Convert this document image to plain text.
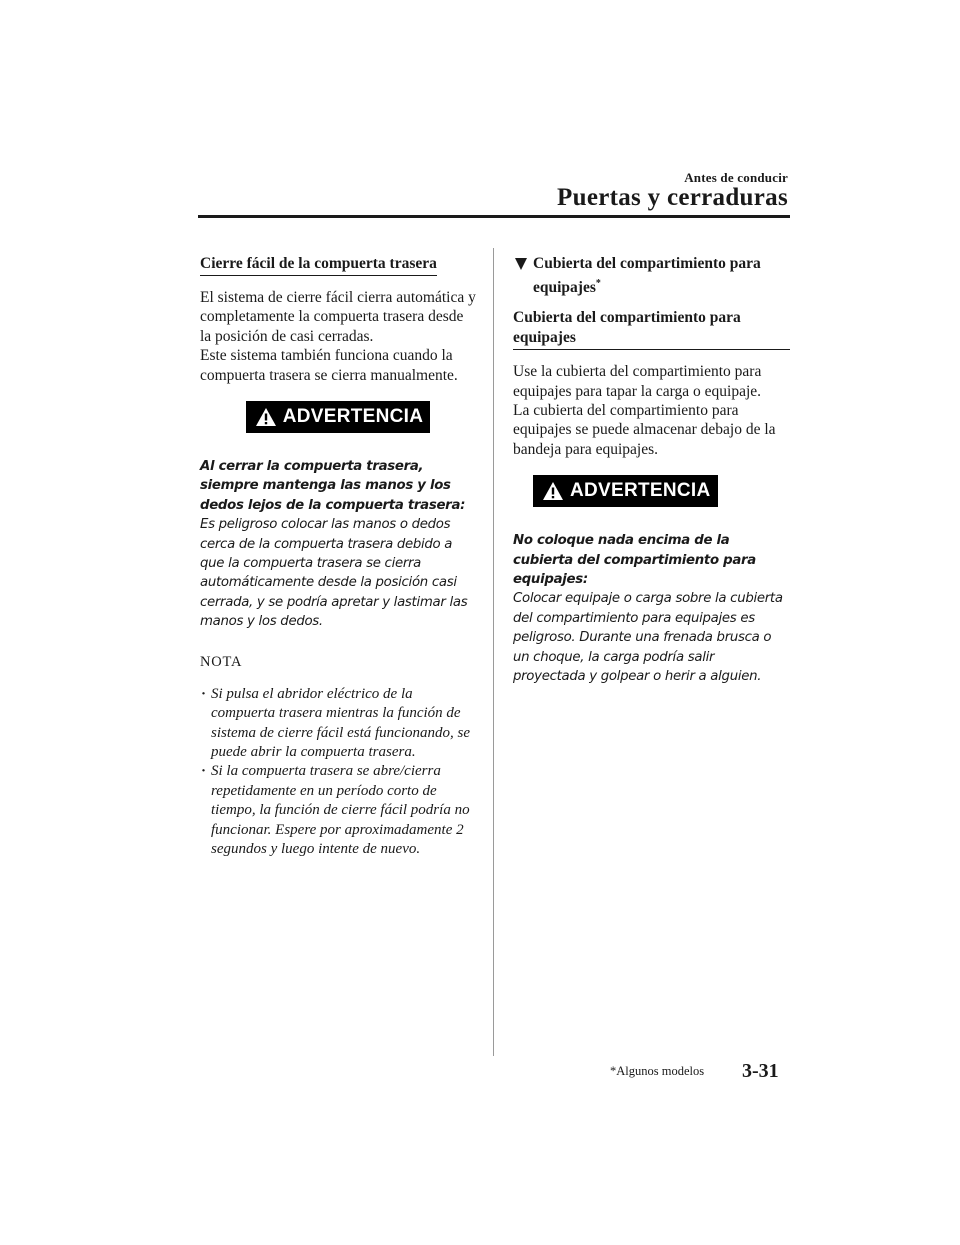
Antes de conducir
Puertas y cerraduras
Cierre fácil de la compuerta trasera

El sistema de cierre fácil cierra automática y completamente la compuerta trasera desde la posición de casi cerradas.

Este sistema también funciona cuando la compuerta trasera se cierra manualmente.

ADVERTENCIA

Al cerrar la compuerta trasera, siempre mantenga las manos y los dedos lejos de la compuerta trasera:
Es peligroso colocar las manos o dedos cerca de la compuerta trasera debido a que la compuerta trasera se cierra automáticamente desde la posición casi cerrada, y se podría apretar y lastimar las manos y los dedos.

NOTA

· Si pulsa el abridor eléctrico de la compuerta trasera mientras la función de sistema de cierre fácil está funcionando, se puede abrir la compuerta trasera.
· Si la compuerta trasera se abre/cierra repetidamente en un período corto de tiempo, la función de cierre fácil podría no funcionar. Espere por aproximadamente 2 segundos y luego intente de nuevo.
Cubierta del compartimiento para equipajes*
Cubierta del compartimiento para equipajes

Use la cubierta del compartimiento para equipajes para tapar la carga o equipaje.

La cubierta del compartimiento para equipajes se puede almacenar debajo de la bandeja para equipajes.

ADVERTENCIA

No coloque nada encima de la cubierta del compartimiento para equipajes:
Colocar equipaje o carga sobre la cubierta del compartimiento para equipajes es peligroso. Durante una frenada brusca o un choque, la carga podría salir proyectada y golpear o herir a alguien.

*Algunos modelos 3-31
